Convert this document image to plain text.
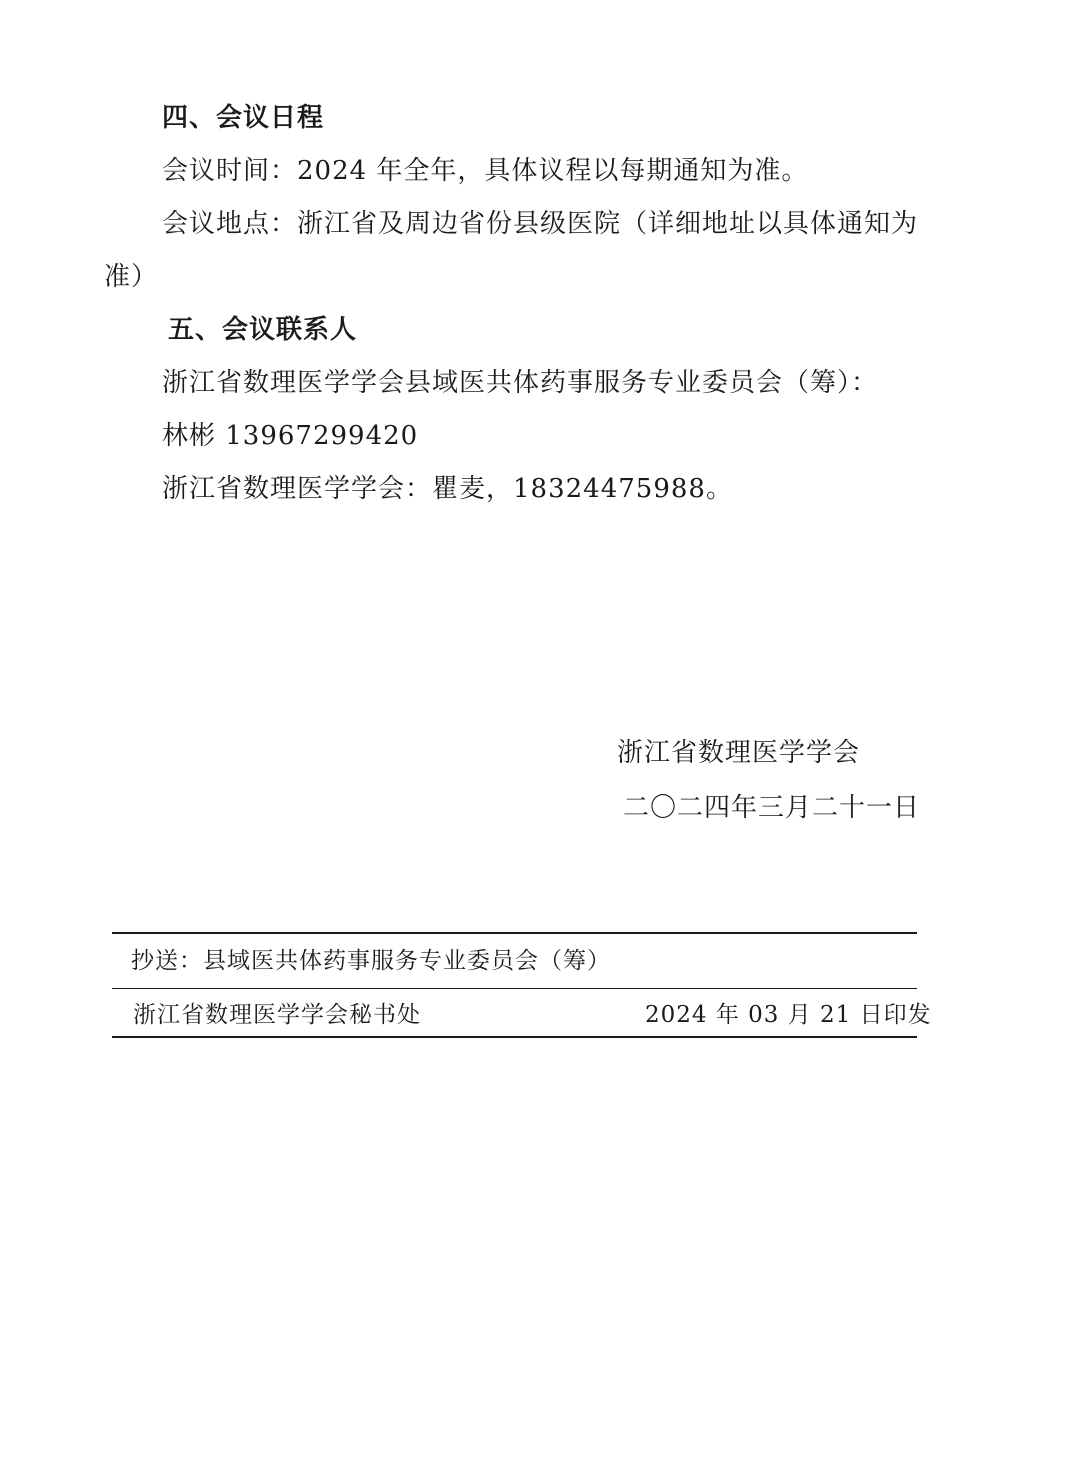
四、会议日程
会议时间：2024 年全年，具体议程以每期通知为准。
会议地点：浙江省及周边省份县级医院（详细地址以具体通知为
准）
五、会议联系人
浙江省数理医学学会县域医共体药事服务专业委员会（筹）：
林彬 13967299420
浙江省数理医学学会：瞿麦，18324475988。
浙江省数理医学学会
二〇二四年三月二十一日
抄送：县域医共体药事服务专业委员会（筹）
浙江省数理医学学会秘书处	2024 年 03 月 21 日印发
